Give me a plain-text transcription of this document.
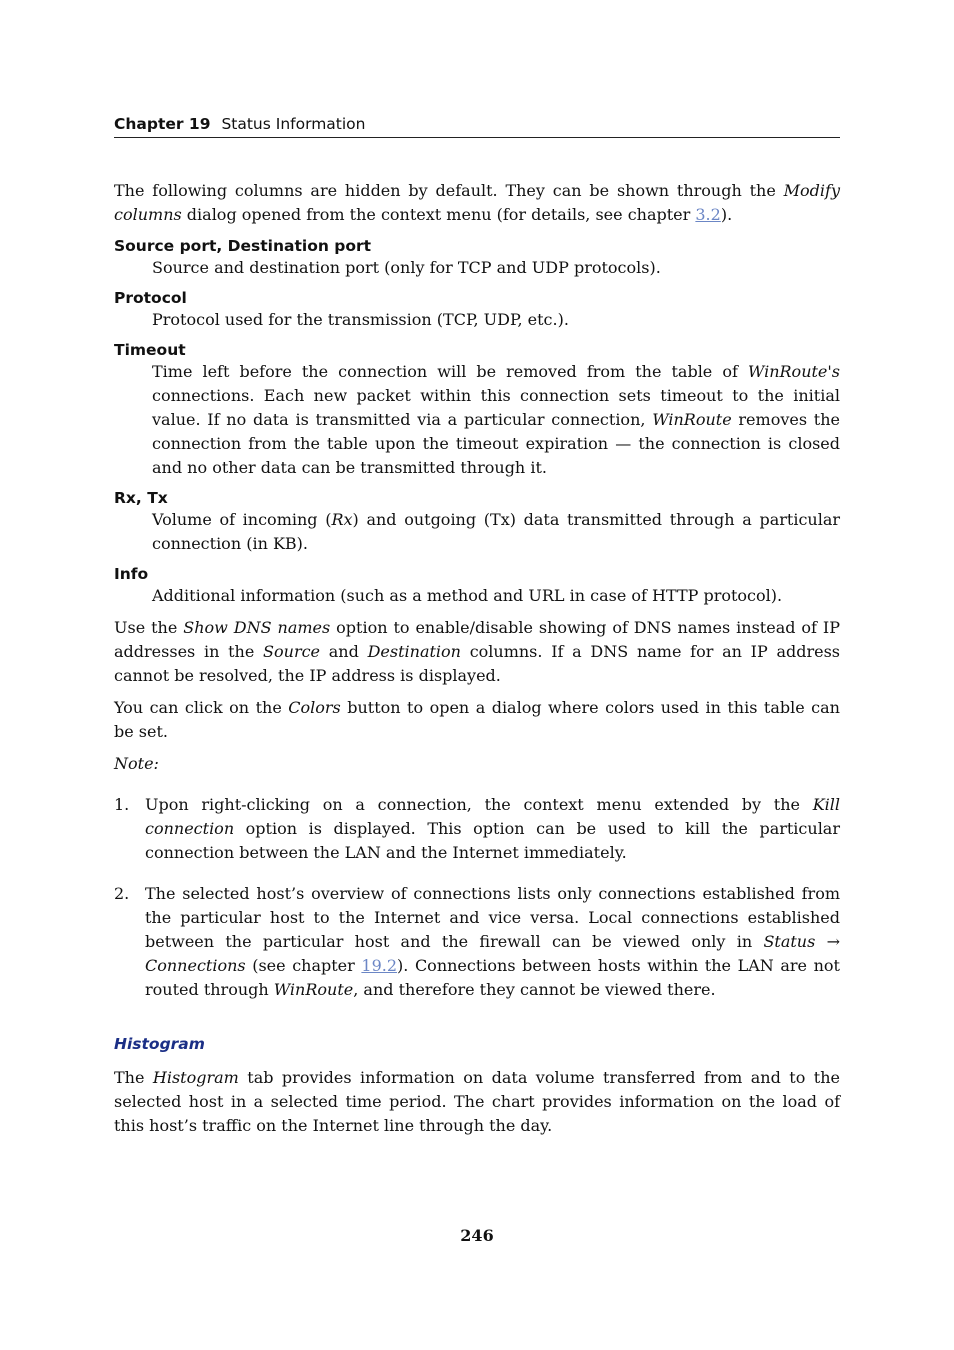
Chapter 19 Status Information

The following columns are hidden by default. They can be shown through the Modify columns dialog opened from the context menu (for details, see chapter 3.2).

Source port, Destination port
Source and destination port (only for TCP and UDP protocols).
Protocol
Protocol used for the transmission (TCP, UDP, etc.).
Timeout
Time left before the connection will be removed from the table of WinRoute's connections. Each new packet within this connection sets timeout to the initial value. If no data is transmitted via a particular connection, WinRoute removes the connection from the table upon the timeout expiration — the connection is closed and no other data can be transmitted through it.
Rx, Tx
Volume of incoming (Rx) and outgoing (Tx) data transmitted through a particular connection (in KB).
Info
Additional information (such as a method and URL in case of HTTP protocol).

Use the Show DNS names option to enable/disable showing of DNS names instead of IP addresses in the Source and Destination columns. If a DNS name for an IP address cannot be resolved, the IP address is displayed.

You can click on the Colors button to open a dialog where colors used in this table can be set.

Note:

1. Upon right-clicking on a connection, the context menu extended by the Kill connection option is displayed. This option can be used to kill the particular connection between the LAN and the Internet immediately.
2. The selected host’s overview of connections lists only connections established from the particular host to the Internet and vice versa. Local connections established between the particular host and the firewall can be viewed only in Status → Connections (see chapter 19.2). Connections between hosts within the LAN are not routed through WinRoute, and therefore they cannot be viewed there.
Histogram

The Histogram tab provides information on data volume transferred from and to the selected host in a selected time period. The chart provides information on the load of this host’s traffic on the Internet line through the day.

246
